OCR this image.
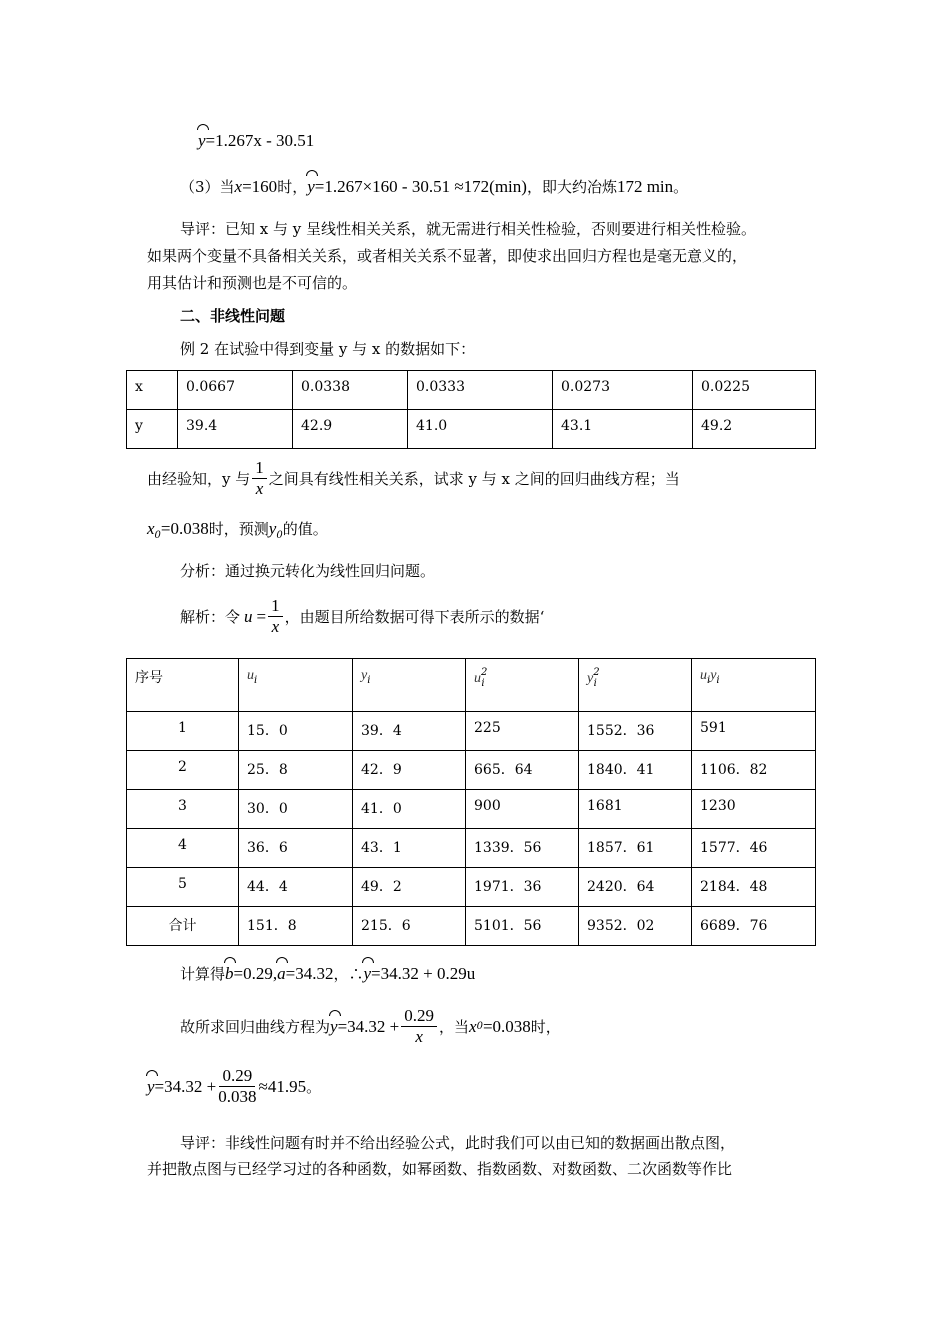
y=1.267x - 30.51
（3）当x=160时，y=1.267×160 - 30.51 ≈172(min)，即大约冶炼172 min。
导评：已知 x 与 y 呈线性相关关系，就无需进行相关性检验，否则要进行相关性检验。
如果两个变量不具备相关关系，或者相关关系不显著，即使求出回归方程也是毫无意义的，
用其估计和预测也是不可信的。
二、非线性问题
例 2 在试验中得到变量 y 与 x 的数据如下：
x	0.0667	0.0338	0.0333	0.0273	0.0225
y	39.4	42.9	41.0	43.1	49.2
由经验知，y 与 $\frac{1}{x}$ 之间具有线性相关关系，试求 y 与 x 之间的回归曲线方程；当
$x_0=0.038$时，预测$y_0$的值。
分析：通过换元转化为线性回归问题。
解析：令 $u = \frac{1}{x}$ ，由题目所给数据可得下表所示的数据‘
序号	$u_i$	$y_i$	$u^2_i$	$y^2_i$	$u_iy_i$
1	15．0	39．4	225	1552．36	591
2	25．8	42．9	665．64	1840．41	1106．82
3	30．0	41．0	900	1681	1230
4	36．6	43．1	1339．56	1857．61	1577．46
5	44．4	49．2	1971．36	2420．64	2184．48
合计	151．8	215．6	5101．56	9352．02	6689．76
计算得b=0.29,a=34.32，∴y=34.32 + 0.29u
故所求回归曲线方程为 $y =34.32 + \frac{0.29}{x}$ ，当 x 0 =0.038 时，
$y =34.32 + \frac{0.29}{0.038} \approx 41.95$ 。
导评：非线性问题有时并不给出经验公式，此时我们可以由已知的数据画出散点图，
并把散点图与已经学习过的各种函数，如幂函数、指数函数、对数函数、二次函数等作比
